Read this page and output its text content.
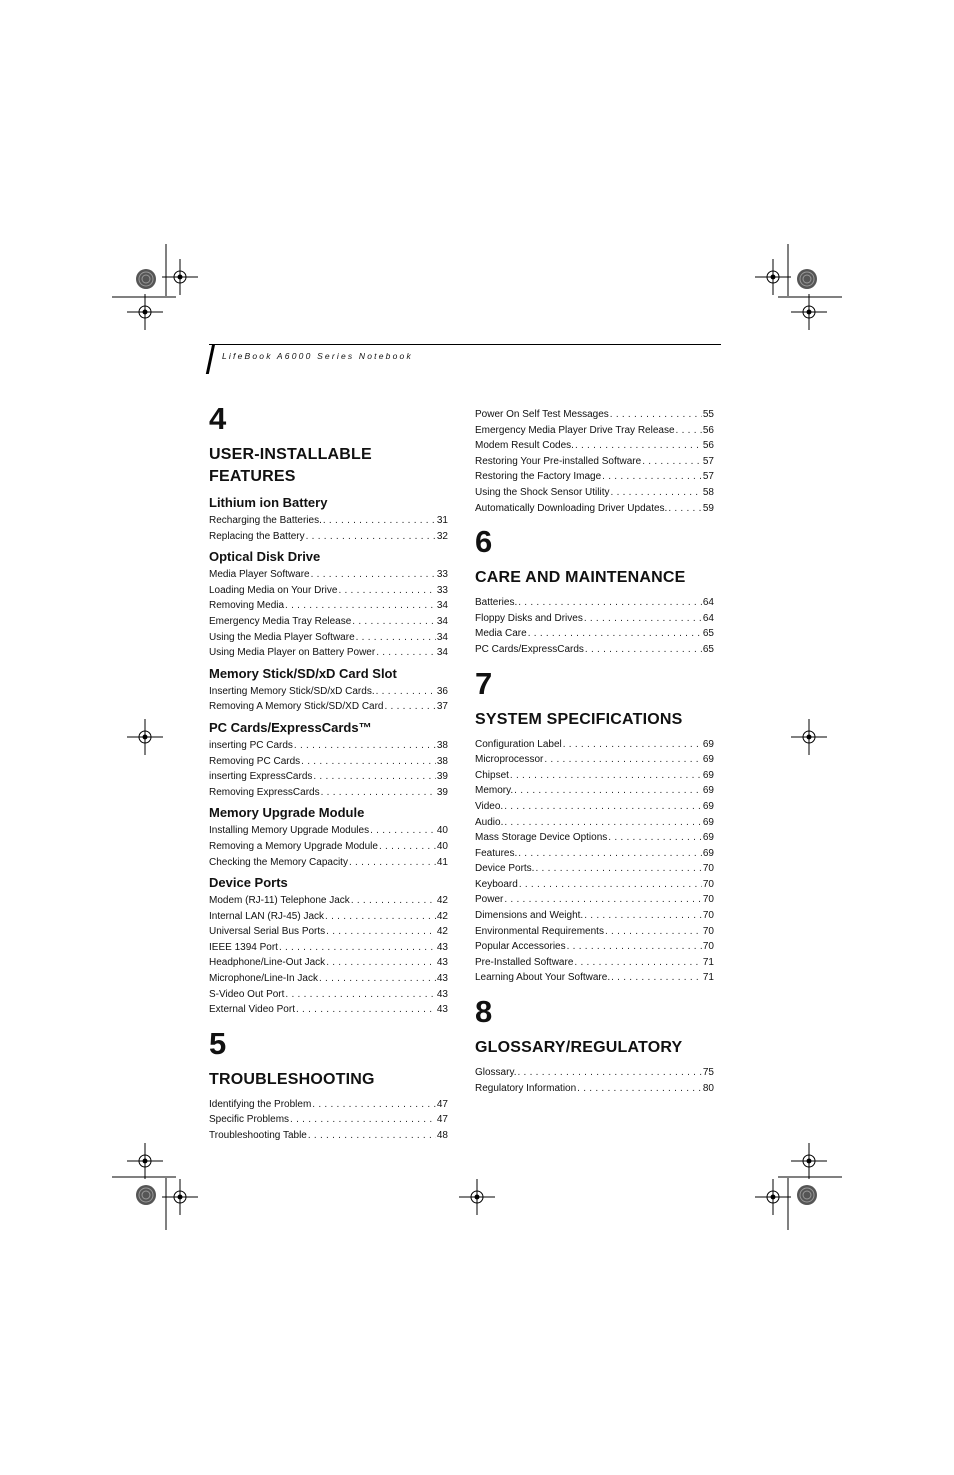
LifeBook A6000 Series Notebook
4
USER-INSTALLABLE FEATURES
Lithium ion Battery
Recharging the Batteries. . . .	31
Replacing the Battery . . .	32
Optical Disk Drive
Media Player Software . . .	33
Loading Media on Your Drive . . .	33
Removing Media . . .	34
Emergency Media Tray Release . . .	34
Using the Media Player Software . . .	34
Using Media Player on Battery Power . . .	34
Memory Stick/SD/xD Card Slot
Inserting Memory Stick/SD/xD Cards. . . .	36
Removing A Memory Stick/SD/XD Card . . .	37
PC Cards/ExpressCards™
inserting PC Cards . . .	38
Removing PC Cards . . .	38
inserting ExpressCards . . .	39
Removing ExpressCards . . .	39
Memory Upgrade Module
Installing Memory Upgrade Modules . . .	40
Removing a Memory Upgrade Module . . .	40
Checking the Memory Capacity . . .	41
Device Ports
Modem (RJ-11) Telephone Jack . . .	42
Internal LAN (RJ-45) Jack . . .	42
Universal Serial Bus Ports . . .	42
IEEE 1394 Port . . .	43
Headphone/Line-Out Jack . . .	43
Microphone/Line-In Jack . . .	43
S-Video Out Port . . .	43
External Video Port . . .	43
5
TROUBLESHOOTING
Identifying the Problem . . .	47
Specific Problems . . .	47
Troubleshooting Table . . .	48
Power On Self Test Messages . . .	55
Emergency Media Player Drive Tray Release . . .	56
Modem Result Codes. . . .	56
Restoring Your Pre-installed Software . . .	57
Restoring the Factory Image . . .	57
Using the Shock Sensor Utility . . .	58
Automatically Downloading Driver Updates. . . .	59
6
CARE AND MAINTENANCE
Batteries. . . .	64
Floppy Disks and Drives . . .	64
Media Care . . .	65
PC Cards/ExpressCards . . .	65
7
SYSTEM SPECIFICATIONS
Configuration Label . . .	69
Microprocessor . . .	69
Chipset . . .	69
Memory. . . .	69
Video. . . .	69
Audio. . . .	69
Mass Storage Device Options . . .	69
Features. . . .	69
Device Ports. . . .	70
Keyboard . . .	70
Power . . .	70
Dimensions and Weight. . . .	70
Environmental Requirements . . .	70
Popular Accessories . . .	70
Pre-Installed Software . . .	71
Learning About Your Software. . . .	71
8
GLOSSARY/REGULATORY
Glossary. . . .	75
Regulatory Information . . .	80
